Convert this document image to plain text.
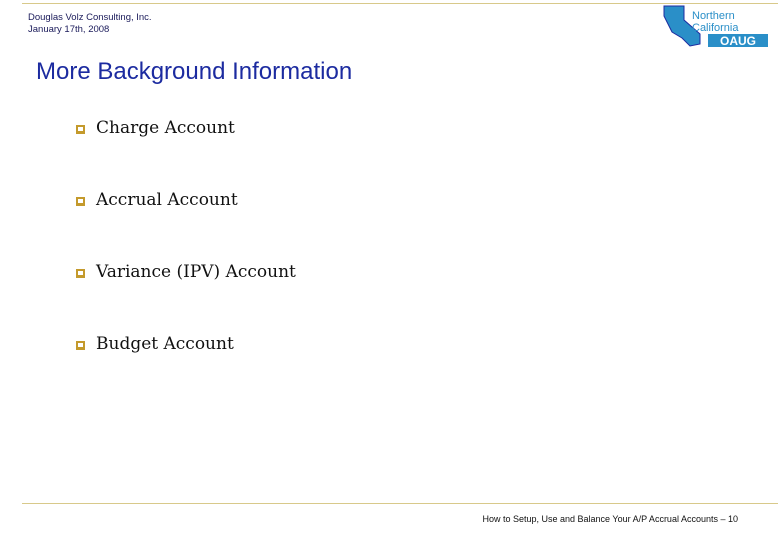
Douglas Volz Consulting, Inc.
January 17th, 2008
Northern
California
OAUG
More Background Information
Charge Account
Accrual Account
Variance (IPV) Account
Budget Account
How to Setup, Use and Balance Your A/P Accrual Accounts – 10
